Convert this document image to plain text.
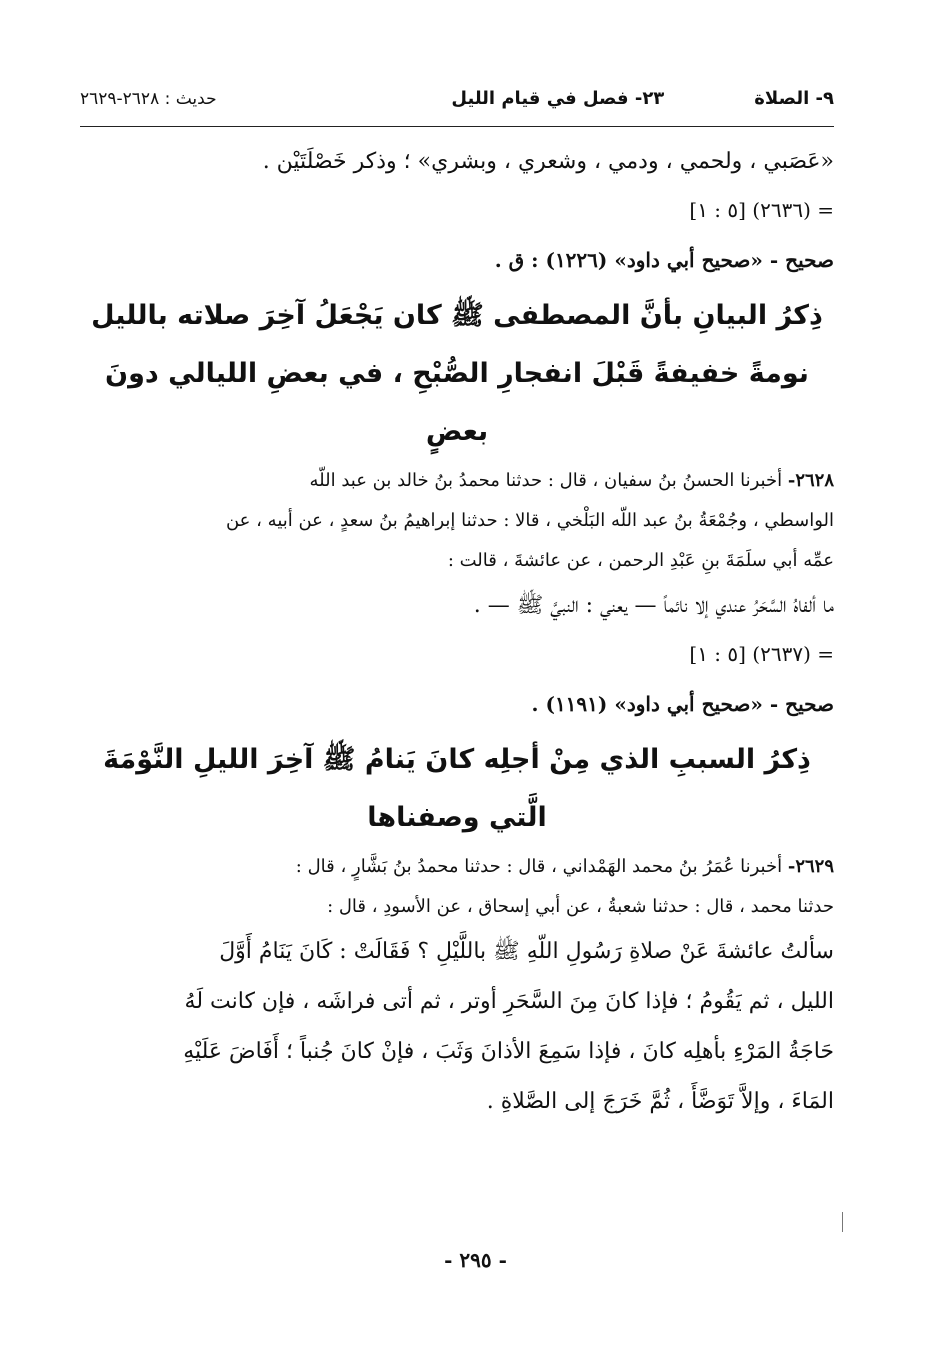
٩- الصلاة
٢٣- فصل في قيام الليل
حديث : ٢٦٢٨-٢٦٢٩
«عَصَبي ، ولحمي ، ودمي ، وشعري ، وبشري» ؛ وذكر خَصْلَتَيْن .
= (٢٦٣٦) [٥ : ١]
صحيح - «صحيح أبي داود» (١٢٢٦) : ق .
ذِكرُ البيانِ بأنَّ المصطفى ﷺ كان يَجْعَلُ آخِرَ صلاته بالليل
نومةً خفيفةً قَبْلَ انفجارِ الصُّبْحِ ، في بعضِ الليالي دونَ
بعضٍ
٢٦٢٨- أخبرنا الحسنُ بنُ سفيان ، قال : حدثنا محمدُ بنُ خالد بن عبد اللّه
الواسطي ، وجُمْعَةُ بنُ عبد اللّه البَلْخي ، قالا : حدثنا إبراهيمُ بنُ سعدٍ ، عن أبيه ، عن
عمِّه أبي سلَمَةَ بنِ عَبْدِ الرحمن ، عن عائشةَ ، قالت :
ما ألفاهُ السَّحَرُ عندي إلا نائماً — يعني : النبيَّ ﷺ — .
= (٢٦٣٧) [٥ : ١]
صحيح - «صحيح أبي داود» (١١٩١) .
ذِكرُ السببِ الذي مِنْ أجلِه كانَ يَنامُ ﷺ آخِرَ الليلِ النَّوْمَةَ
الَّتي وصفناها
٢٦٢٩- أخبرنا عُمَرُ بنُ محمد الهَمْداني ، قال : حدثنا محمدُ بنُ بَشَّارٍ ، قال :
حدثنا محمد ، قال : حدثنا شعبةُ ، عن أبي إسحاق ، عن الأسودِ ، قال :
سألتُ عائشةَ عَنْ صلاةِ رَسُولِ اللّهِ ﷺ باللَّيْلِ ؟ فَقَالَتْ : كَانَ يَنَامُ أَوَّلَ
الليل ، ثم يَقُومُ ؛ فإذا كانَ مِنَ السَّحَرِ أوتر ، ثم أتى فراشَه ، فإن كانت لَهُ
حَاجَةُ المَرْءِ بأهلِه كانَ ، فإذا سَمِعَ الأذانَ وَثَبَ ، فإنْ كانَ جُنباً ؛ أَفَاضَ عَلَيْهِ
المَاءَ ، وإلاَّ تَوَضَّأَ ، ثُمَّ خَرَجَ إلى الصَّلاةِ .
- ٢٩٥ -
